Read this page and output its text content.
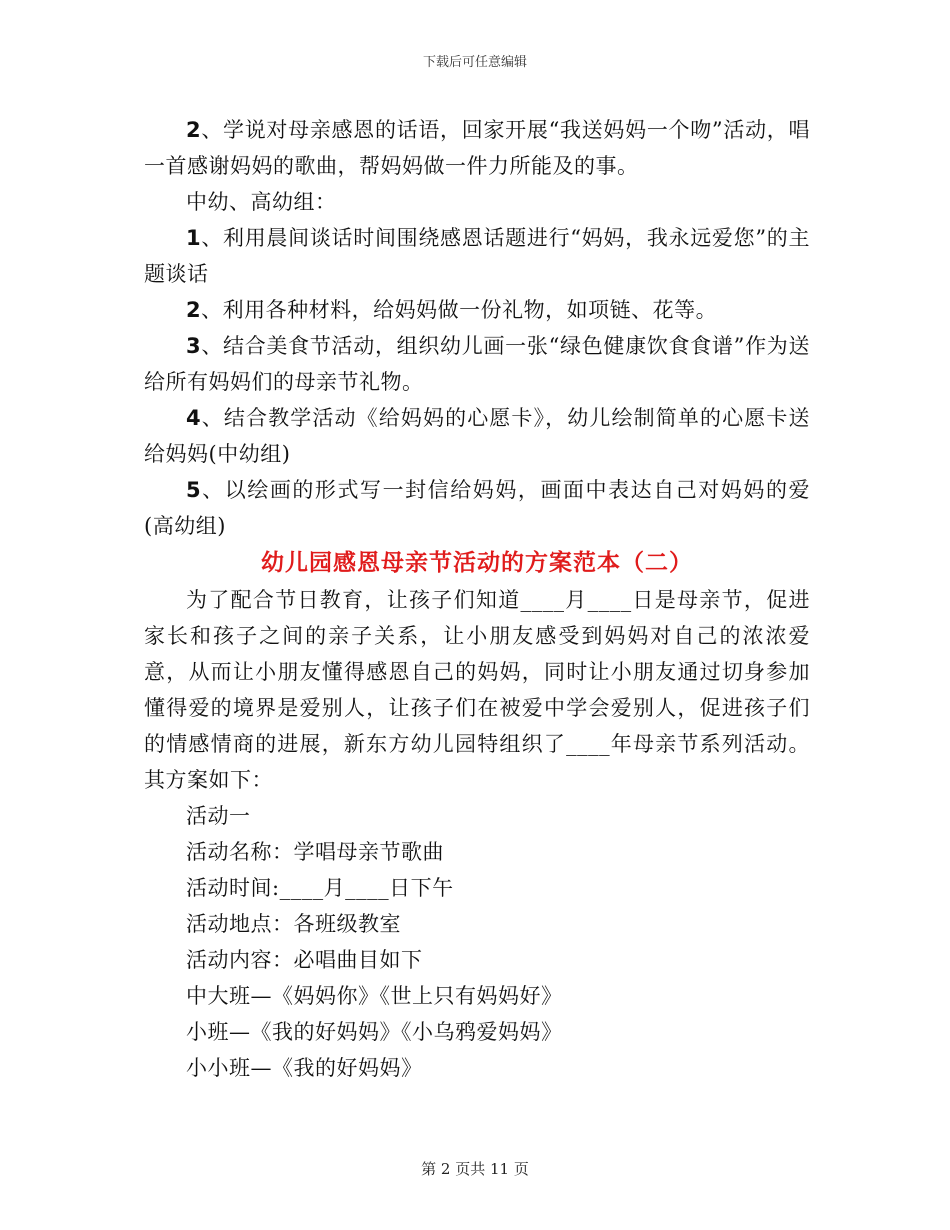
下载后可任意编辑

2、学说对母亲感恩的话语，回家开展“我送妈妈一个吻”活动，唱一首感谢妈妈的歌曲，帮妈妈做一件力所能及的事。

中幼、高幼组：

1、利用晨间谈话时间围绕感恩话题进行“妈妈，我永远爱您”的主题谈话

2、利用各种材料，给妈妈做一份礼物，如项链、花等。

3、结合美食节活动，组织幼儿画一张“绿色健康饮食食谱”作为送给所有妈妈们的母亲节礼物。

4、结合教学活动《给妈妈的心愿卡》，幼儿绘制简单的心愿卡送给妈妈(中幼组)

5、以绘画的形式写一封信给妈妈，画面中表达自己对妈妈的爱(高幼组)

幼儿园感恩母亲节活动的方案范本（二）

为了配合节日教育，让孩子们知道____月____日是母亲节，促进家长和孩子之间的亲子关系，让小朋友感受到妈妈对自己的浓浓爱意，从而让小朋友懂得感恩自己的妈妈，同时让小朋友通过切身参加懂得爱的境界是爱别人，让孩子们在被爱中学会爱别人，促进孩子们的情感情商的进展，新东方幼儿园特组织了____年母亲节系列活动。其方案如下：

活动一

活动名称：学唱母亲节歌曲

活动时间:____月____日下午

活动地点：各班级教室

活动内容：必唱曲目如下

中大班—《妈妈你》《世上只有妈妈好》

小班—《我的好妈妈》《小乌鸦爱妈妈》

小小班—《我的好妈妈》

第 2 页共 11 页
